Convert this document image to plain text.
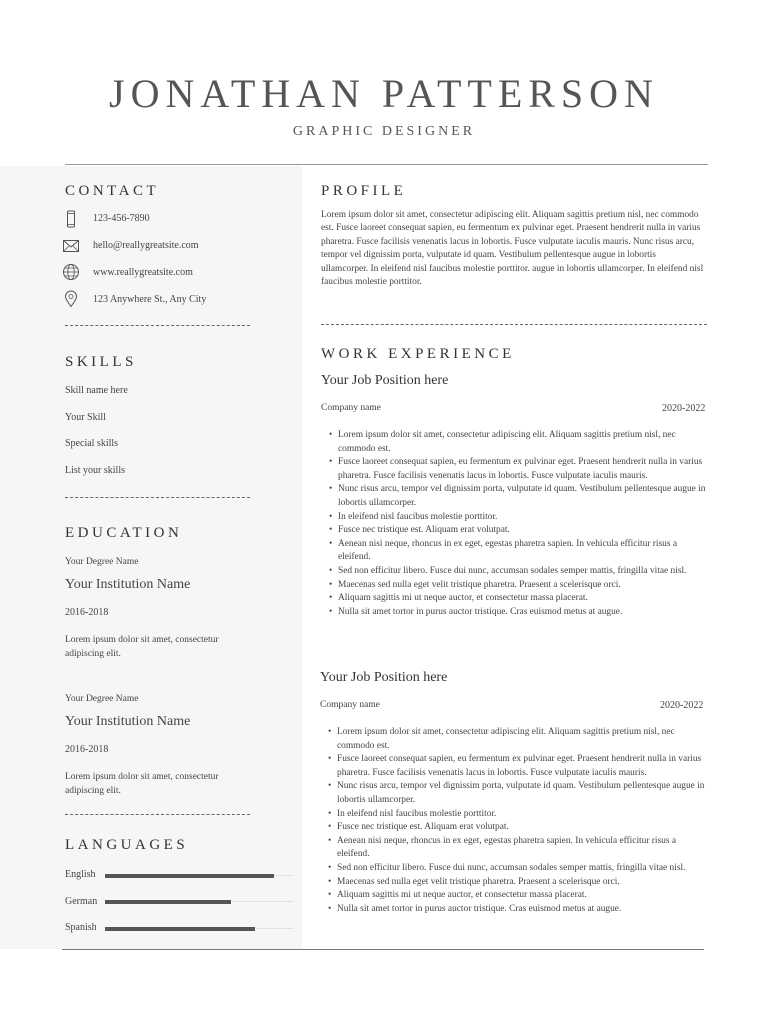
JONATHAN PATTERSON
GRAPHIC DESIGNER
CONTACT
123-456-7890
hello@reallygreatsite.com
www.reallygreatsite.com
123 Anywhere St., Any City
SKILLS
Skill name here
Your Skill
Special skills
List your skills
EDUCATION
Your Degree Name
Your Institution Name
2016-2018
Lorem ipsum dolor sit amet, consectetur adipiscing elit.
Your Degree Name
Your Institution Name
2016-2018
Lorem ipsum dolor sit amet, consectetur adipiscing elit.
LANGUAGES
English
German
Spanish
PROFILE
Lorem ipsum dolor sit amet, consectetur adipiscing elit. Aliquam sagittis pretium nisl, nec commodo est. Fusce laoreet consequat sapien, eu fermentum ex pulvinar eget. Praesent hendrerit nulla in varius pharetra. Fusce facilisis venenatis lacus in lobortis. Fusce vulputate iaculis mauris. Nunc risus arcu, tempor vel dignissim porta, vulputate id quam. Vestibulum pellentesque augue in lobortis ullamcorper. In eleifend nisl faucibus molestie porttitor. augue in lobortis ullamcorper. In eleifend nisl faucibus molestie porttitor.
WORK EXPERIENCE
Your Job Position here
Company name	2020-2022
• Lorem ipsum dolor sit amet, consectetur adipiscing elit. Aliquam sagittis pretium nisl, nec commodo est.
• Fusce laoreet consequat sapien, eu fermentum ex pulvinar eget. Praesent hendrerit nulla in varius pharetra. Fusce facilisis venenatis lacus in lobortis. Fusce vulputate iaculis mauris.
• Nunc risus arcu, tempor vel dignissim porta, vulputate id quam. Vestibulum pellentesque augue in lobortis ullamcorper.
• In eleifend nisl faucibus molestie porttitor.
• Fusce nec tristique est. Aliquam erat volutpat.
• Aenean nisi neque, rhoncus in ex eget, egestas pharetra sapien. In vehicula efficitur risus a eleifend.
• Sed non efficitur libero. Fusce dui nunc, accumsan sodales semper mattis, fringilla vitae nisl.
• Maecenas sed nulla eget velit tristique pharetra. Praesent a scelerisque orci.
• Aliquam sagittis mi ut neque auctor, et consectetur massa placerat.
• Nulla sit amet tortor in purus auctor tristique. Cras euismod metus at augue.
Your Job Position here
Company name	2020-2022
• Lorem ipsum dolor sit amet, consectetur adipiscing elit. Aliquam sagittis pretium nisl, nec commodo est.
• Fusce laoreet consequat sapien, eu fermentum ex pulvinar eget. Praesent hendrerit nulla in varius pharetra. Fusce facilisis venenatis lacus in lobortis. Fusce vulputate iaculis mauris.
• Nunc risus arcu, tempor vel dignissim porta, vulputate id quam. Vestibulum pellentesque augue in lobortis ullamcorper.
• In eleifend nisl faucibus molestie porttitor.
• Fusce nec tristique est. Aliquam erat volutpat.
• Aenean nisi neque, rhoncus in ex eget, egestas pharetra sapien. In vehicula efficitur risus a eleifend.
• Sed non efficitur libero. Fusce dui nunc, accumsan sodales semper mattis, fringilla vitae nisl.
• Maecenas sed nulla eget velit tristique pharetra. Praesent a scelerisque orci.
• Aliquam sagittis mi ut neque auctor, et consectetur massa placerat.
• Nulla sit amet tortor in purus auctor tristique. Cras euismod metus at augue.
